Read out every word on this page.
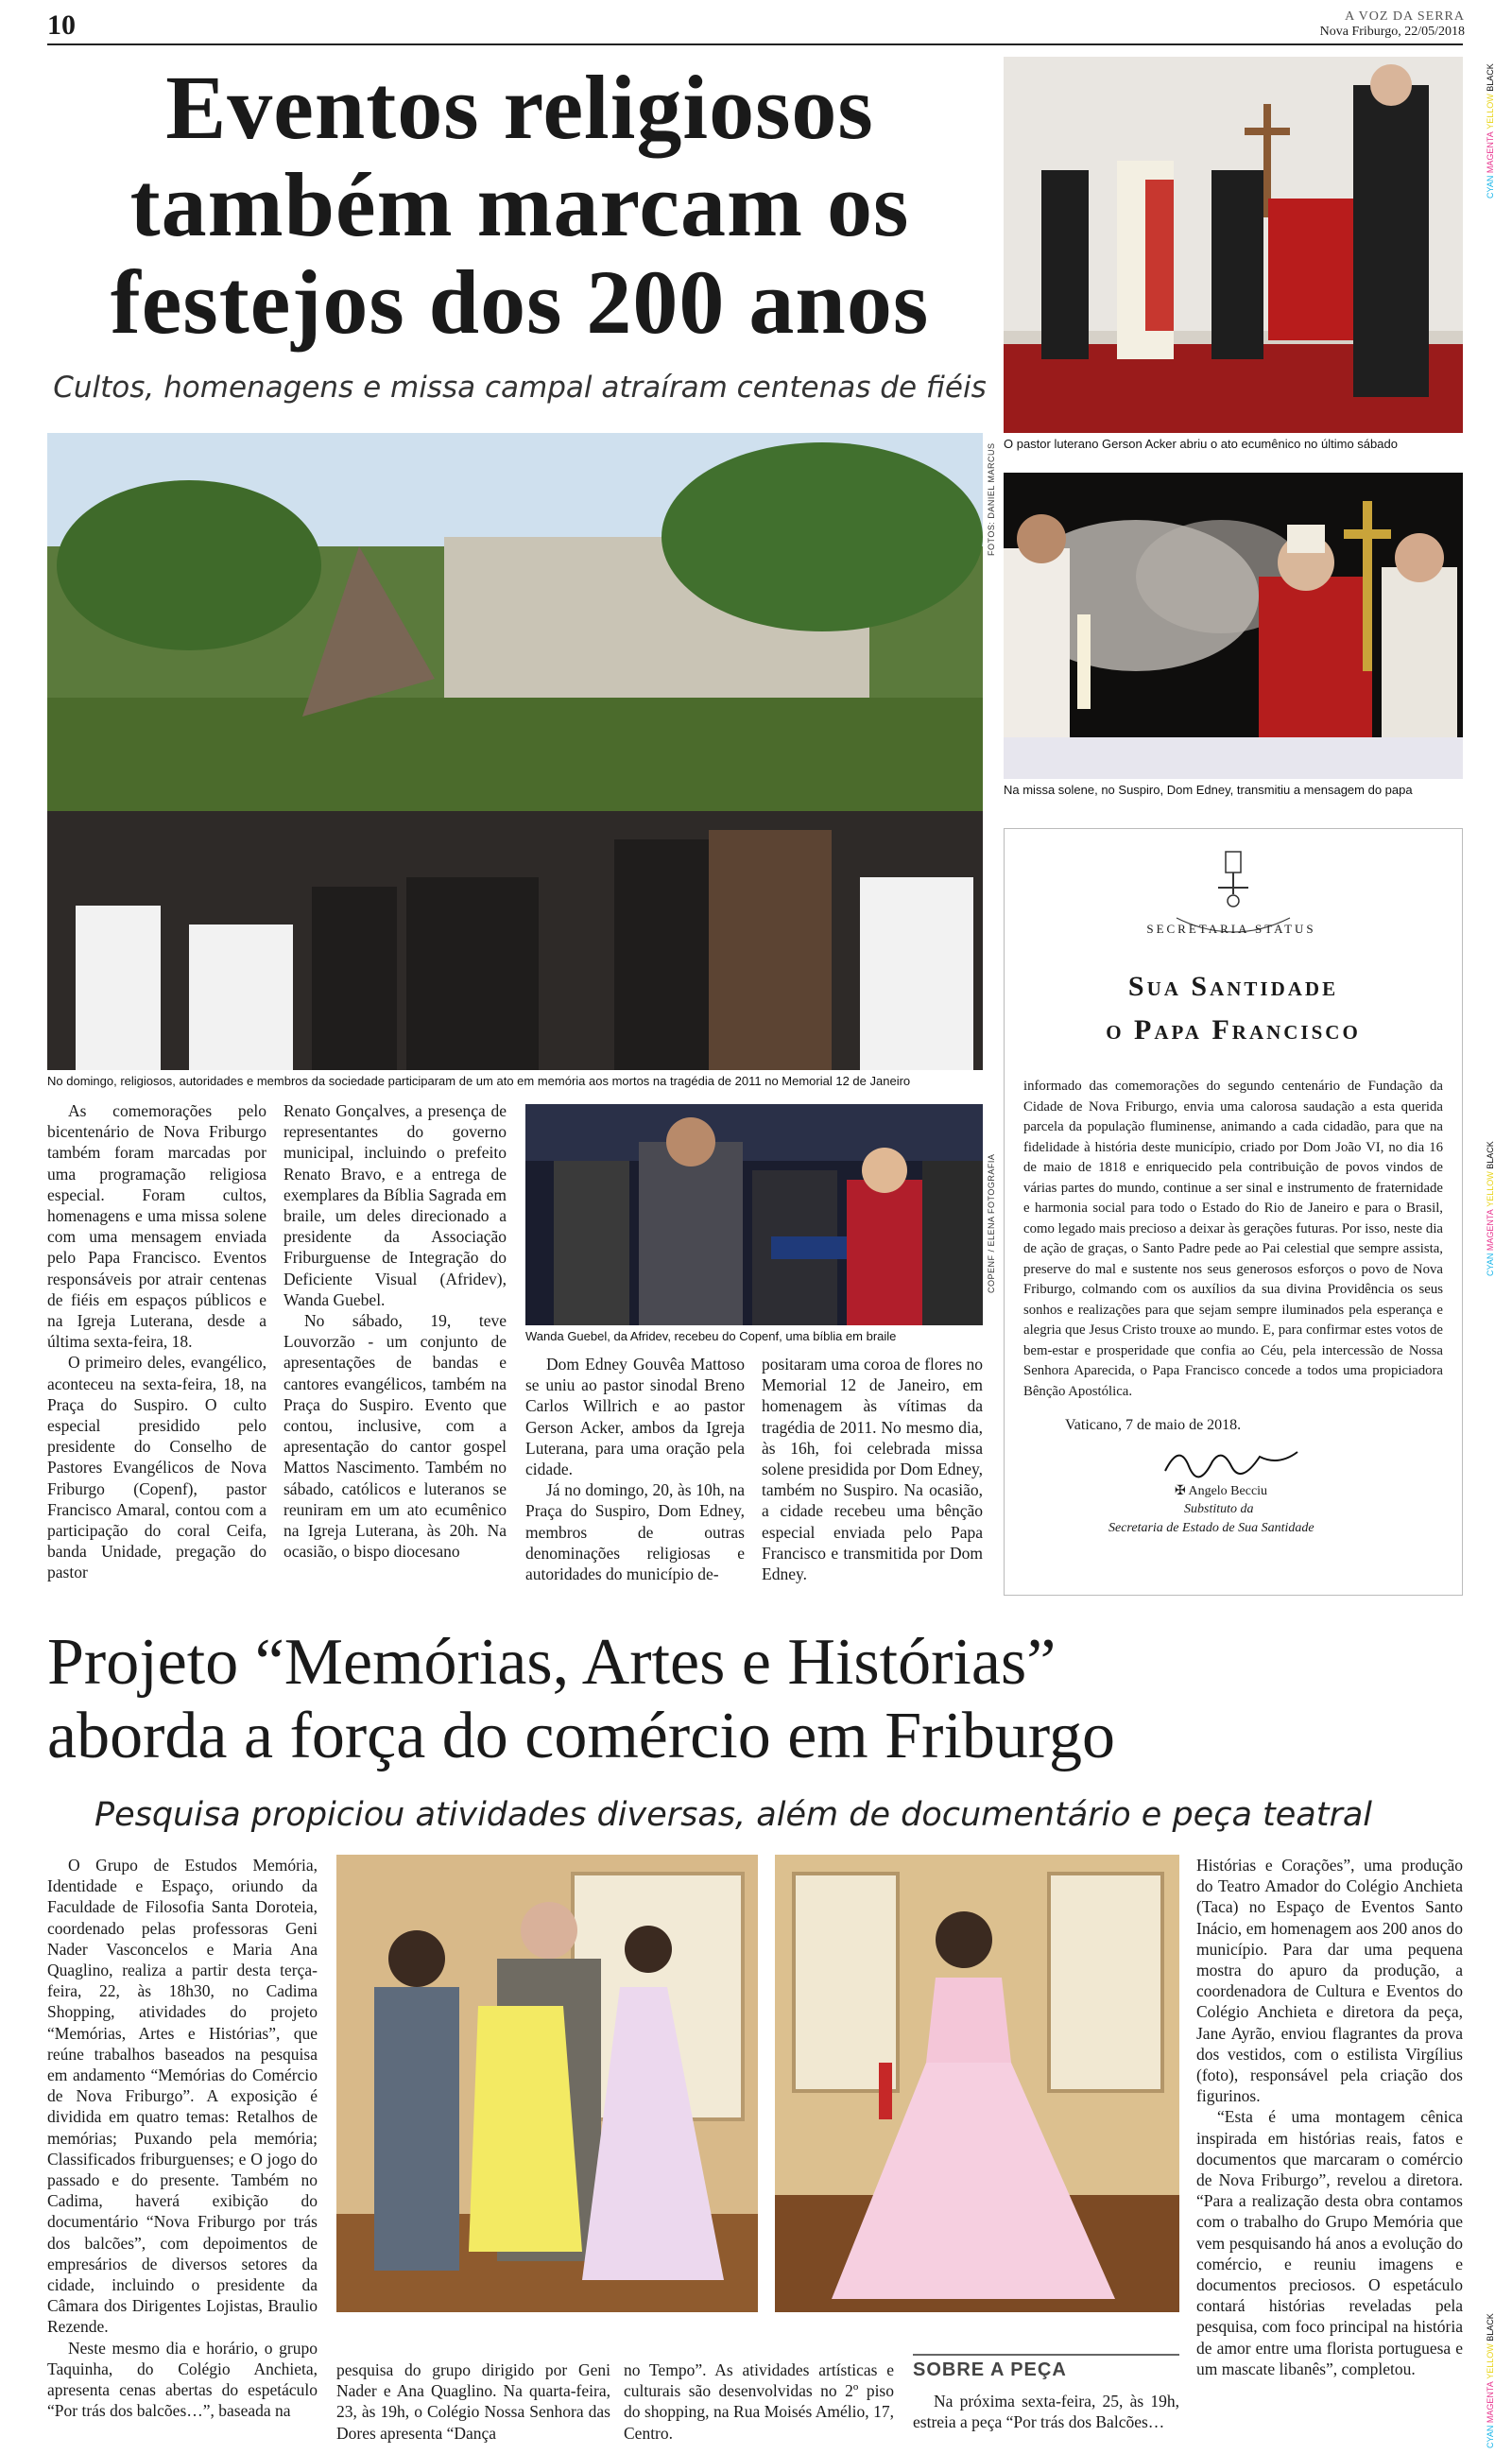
10	A VOZ DA SERRA
Nova Friburgo, 22/05/2018
CYAN MAGENTA YELLOW BLACK
CYAN MAGENTA YELLOW BLACK
CYAN MAGENTA YELLOW BLACK
Eventos religiosos também marcam os festejos dos 200 anos
Cultos, homenagens e missa campal atraíram centenas de fiéis
FOTOS: DANIEL MARCUS
No domingo, religiosos, autoridades e membros da sociedade participaram de um ato em memória aos mortos na tragédia de 2011 no Memorial 12 de Janeiro
O pastor luterano Gerson Acker abriu o ato ecumênico no último sábado
Na missa solene, no Suspiro, Dom Edney, transmitiu a mensagem do papa
COPENF / ELENA FOTOGRAFIA
Wanda Guebel, da Afridev, recebeu do Copenf, uma bíblia em braile

As comemorações pelo bicentenário de Nova Friburgo também foram marcadas por uma programação religiosa especial. Foram cultos, homenagens e uma missa solene com uma mensagem enviada pelo Papa Francisco. Eventos responsáveis por atrair centenas de fiéis em espaços públicos e na Igreja Luterana, desde a última sexta-feira, 18.

O primeiro deles, evangélico, aconteceu na sexta-feira, 18, na Praça do Suspiro. O culto especial presidido pelo presidente do Conselho de Pastores Evangélicos de Nova Friburgo (Copenf), pastor Francisco Amaral, contou com a participação do coral Ceifa, banda Unidade, pregação do pastor

Renato Gonçalves, a presença de representantes do governo municipal, incluindo o prefeito Renato Bravo, e a entrega de exemplares da Bíblia Sagrada em braile, um deles direcionado a presidente da Associação Friburguense de Integração do Deficiente Visual (Afridev), Wanda Guebel.

No sábado, 19, teve Louvorzão - um conjunto de apresentações de bandas e cantores evangélicos, também na Praça do Suspiro. Evento que contou, inclusive, com a apresentação do cantor gospel Mattos Nascimento. Também no sábado, católicos e luteranos se reuniram em um ato ecumênico na Igreja Luterana, às 20h. Na ocasião, o bispo diocesano

Dom Edney Gouvêa Mattoso se uniu ao pastor sinodal Breno Carlos Willrich e ao pastor Gerson Acker, ambos da Igreja Luterana, para uma oração pela cidade.

Já no domingo, 20, às 10h, na Praça do Suspiro, Dom Edney, membros de outras denominações religiosas e autoridades do município de-

positaram uma coroa de flores no Memorial 12 de Janeiro, em homenagem às vítimas da tragédia de 2011. No mesmo dia, às 16h, foi celebrada missa solene presidida por Dom Edney, também no Suspiro. Na ocasião, a cidade recebeu uma bênção especial enviada pelo Papa Francisco e transmitida por Dom Edney.

SECRETARIA STATUS
Sua Santidade
o Papa Francisco
informado das comemorações do segundo centenário de Fundação da Cidade de Nova Friburgo, envia uma calorosa saudação a esta querida parcela da população fluminense, animando a cada cidadão, para que na fidelidade à história deste município, criado por Dom João VI, no dia 16 de maio de 1818 e enriquecido pela contribuição de povos vindos de várias partes do mundo, continue a ser sinal e instrumento de fraternidade e harmonia social para todo o Estado do Rio de Janeiro e para o Brasil, como legado mais precioso a deixar às gerações futuras. Por isso, neste dia de ação de graças, o Santo Padre pede ao Pai celestial que sempre assista, preserve do mal e sustente nos seus generosos esforços o povo de Nova Friburgo, colmando com os auxílios da sua divina Providência os seus sonhos e realizações para que sejam sempre iluminados pela esperança e alegria que Jesus Cristo trouxe ao mundo. E, para confirmar estes votos de bem-estar e prosperidade que confia ao Céu, pela intercessão de Nossa Senhora Aparecida, o Papa Francisco concede a todos uma propiciadora Bênção Apostólica.
Vaticano, 7 de maio de 2018.
✠ Angelo Becciu
Substituto da
Secretaria de Estado de Sua Santidade
Projeto “Memórias, Artes e Histórias”
aborda a força do comércio em Friburgo
Pesquisa propiciou atividades diversas, além de documentário e peça teatral

O Grupo de Estudos Memória, Identidade e Espaço, oriundo da Faculdade de Filosofia Santa Doroteia, coordenado pelas professoras Geni Nader Vasconcelos e Maria Ana Quaglino, realiza a partir desta terça-feira, 22, às 18h30, no Cadima Shopping, atividades do projeto “Memórias, Artes e Histórias”, que reúne trabalhos baseados na pesquisa em andamento “Memórias do Comércio de Nova Friburgo”. A exposição é dividida em quatro temas: Retalhos de memórias; Puxando pela memória; Classificados friburguenses; e O jogo do passado e do presente. Também no Cadima, haverá exibição do documentário “Nova Friburgo por trás dos balcões”, com depoimentos de empresários de diversos setores da cidade, incluindo o presidente da Câmara dos Dirigentes Lojistas, Braulio Rezende.

Neste mesmo dia e horário, o grupo Taquinha, do Colégio Anchieta, apresenta cenas abertas do espetáculo “Por trás dos balcões…”, baseada na

pesquisa do grupo dirigido por Geni Nader e Ana Quaglino. Na quarta-feira, 23, às 19h, o Colégio Nossa Senhora das Dores apresenta “Dança

no Tempo”. As atividades artísticas e culturais são desenvolvidas no 2º piso do shopping, na Rua Moisés Amélio, 17, Centro.

SOBRE A PEÇA

Na próxima sexta-feira, 25, às 19h, estreia a peça “Por trás dos Balcões…

Histórias e Corações”, uma produção do Teatro Amador do Colégio Anchieta (Taca) no Espaço de Eventos Santo Inácio, em homenagem aos 200 anos do município. Para dar uma pequena mostra do apuro da produção, a coordenadora de Cultura e Eventos do Colégio Anchieta e diretora da peça, Jane Ayrão, enviou flagrantes da prova dos vestidos, com o estilista Virgílius (foto), responsável pela criação dos figurinos.

“Esta é uma montagem cênica inspirada em histórias reais, fatos e documentos que marcaram o comércio de Nova Friburgo”, revelou a diretora. “Para a realização desta obra contamos com o trabalho do Grupo Memória que vem pesquisando há anos a evolução do comércio, e reuniu imagens e documentos preciosos. O espetáculo contará histórias reveladas pela pesquisa, com foco principal na história de amor entre uma florista portuguesa e um mascate libanês”, completou.
